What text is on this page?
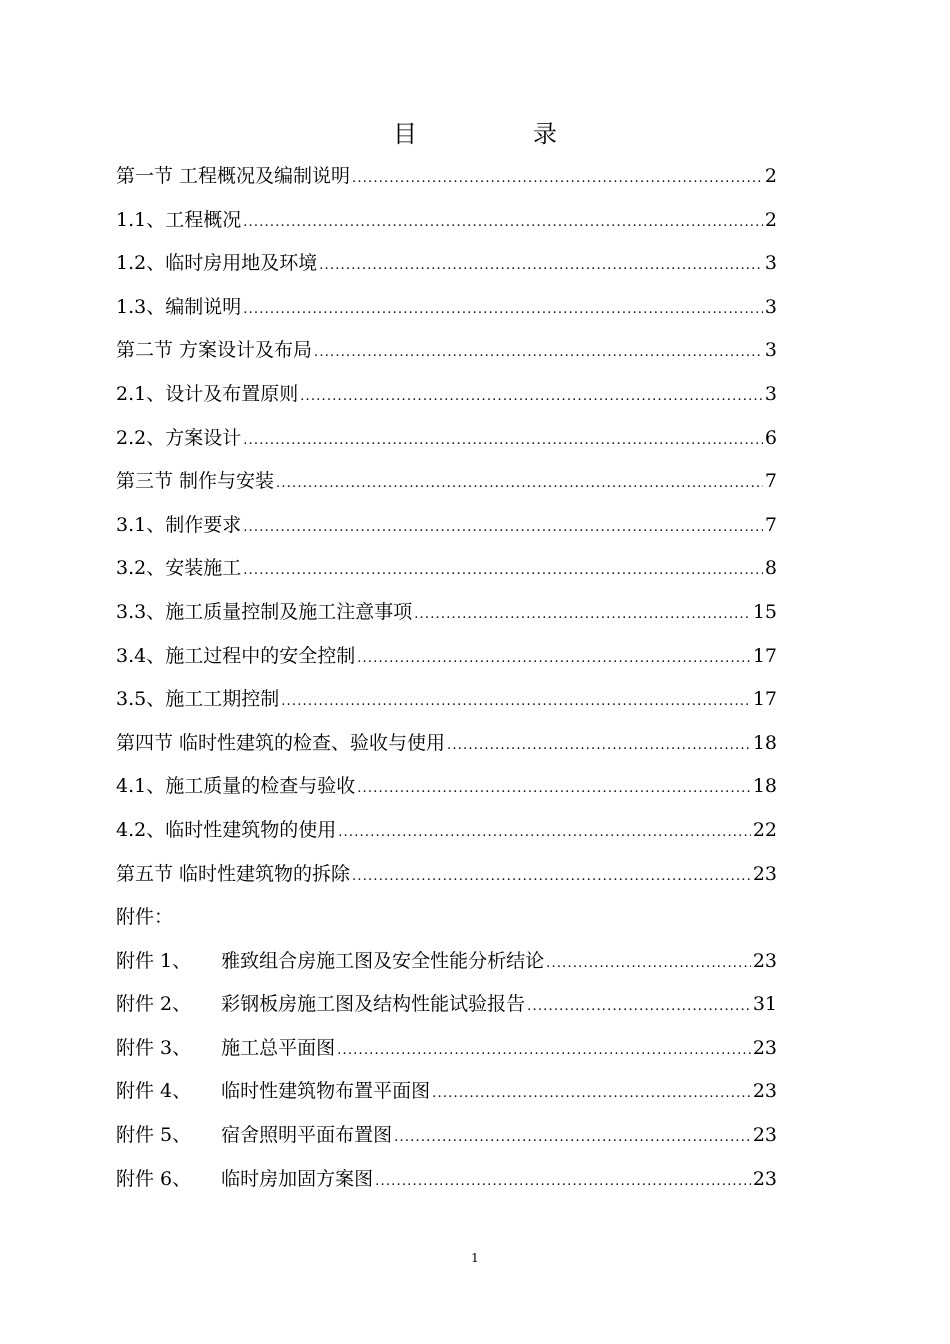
目　录
第一节 工程概况及编制说明 .....	2
1.1、工程概况 .....	2
1.2、临时房用地及环境 .....	3
1.3、编制说明 .....	3
第二节 方案设计及布局 .....	3
2.1、设计及布置原则 .....	3
2.2、方案设计 .....	6
第三节 制作与安装 .....	7
3.1、制作要求 .....	7
3.2、安装施工 .....	8
3.3、施工质量控制及施工注意事项 .....	15
3.4、施工过程中的安全控制 .....	17
3.5、施工工期控制 .....	17
第四节 临时性建筑的检查、验收与使用 .....	18
4.1、施工质量的检查与验收 .....	18
4.2、临时性建筑物的使用 .....	22
第五节 临时性建筑物的拆除 .....	23
附件：
附件 1、 雅致组合房施工图及安全性能分析结论 .....	23
附件 2、 彩钢板房施工图及结构性能试验报告 .....	31
附件 3、 施工总平面图 .....	23
附件 4、 临时性建筑物布置平面图 .....	23
附件 5、 宿舍照明平面布置图 .....	23
附件 6、 临时房加固方案图 .....	23
1
